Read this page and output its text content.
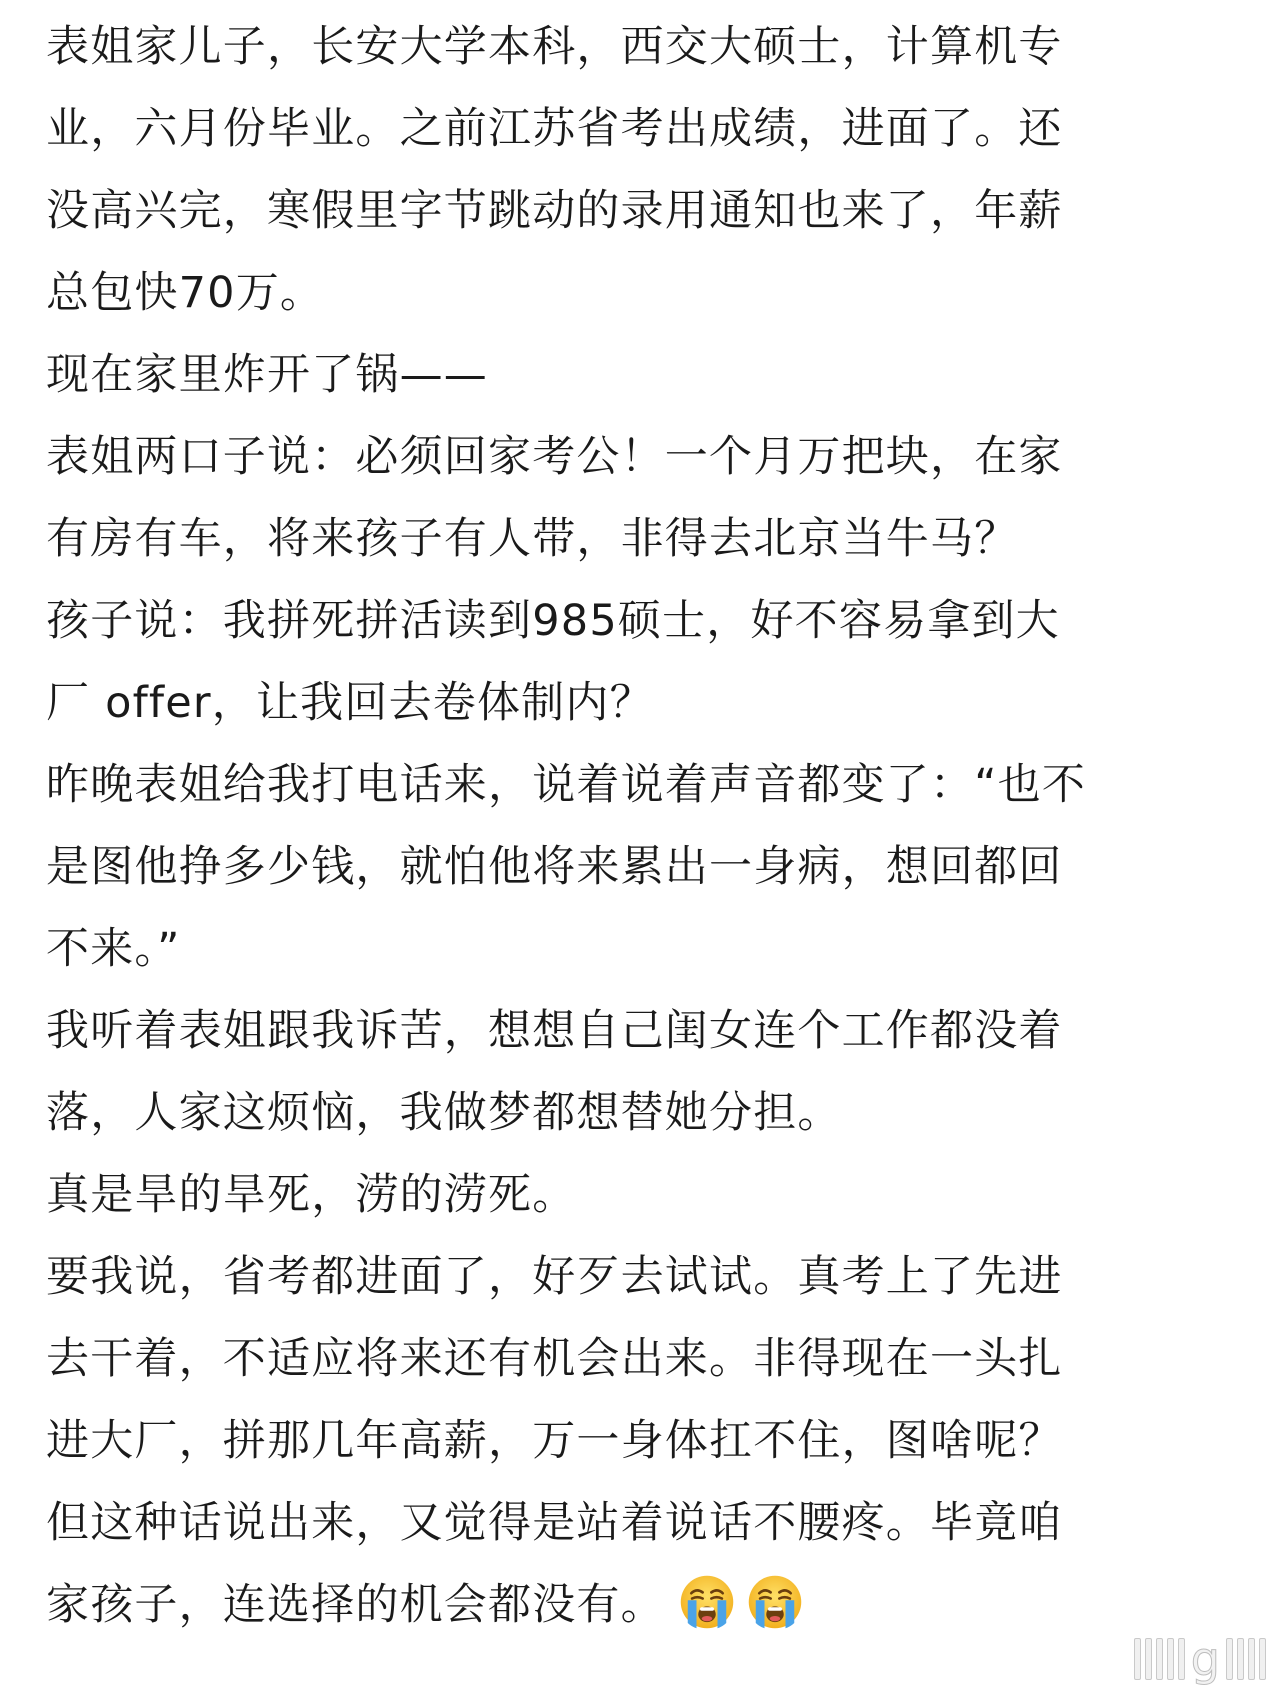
表姐家儿子，长安大学本科，西交大硕士，计算机专
业，六月份毕业。之前江苏省考出成绩，进面了。还
没高兴完，寒假里字节跳动的录用通知也来了，年薪
总包快70万。
现在家里炸开了锅——
表姐两口子说：必须回家考公！一个月万把块，在家
有房有车，将来孩子有人带，非得去北京当牛马？
孩子说：我拼死拼活读到985硕士，好不容易拿到大
厂 offer，让我回去卷体制内？
昨晚表姐给我打电话来，说着说着声音都变了：“也不
是图他挣多少钱，就怕他将来累出一身病，想回都回
不来。”
我听着表姐跟我诉苦，想想自己闺女连个工作都没着
落，人家这烦恼，我做梦都想替她分担。
真是旱的旱死，涝的涝死。
要我说，省考都进面了，好歹去试试。真考上了先进
去干着，不适应将来还有机会出来。非得现在一头扎
进大厂，拼那几年高薪，万一身体扛不住，图啥呢？
但这种话说出来，又觉得是站着说话不腰疼。毕竟咱
家孩子，连选择的机会都没有。
g
